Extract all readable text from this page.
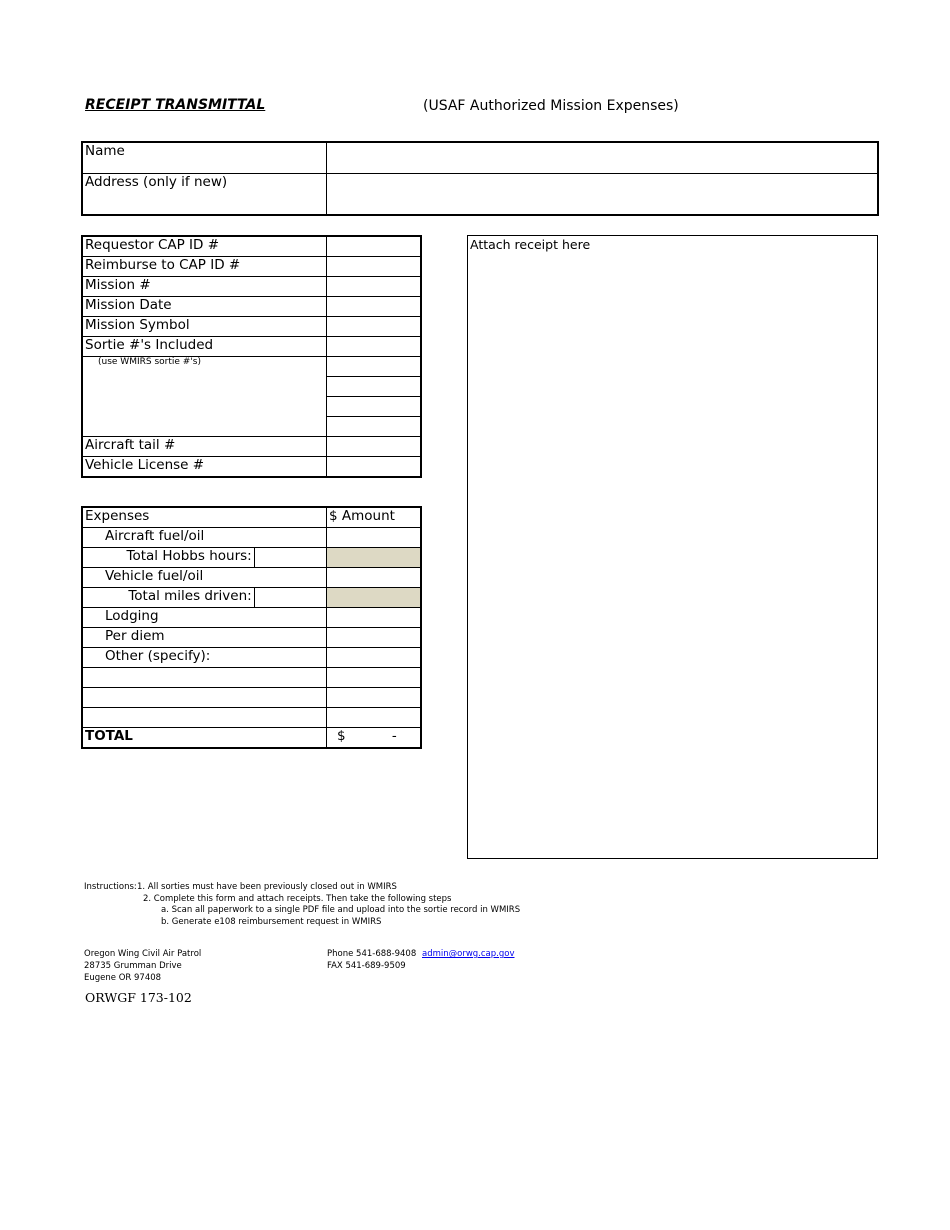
RECEIPT TRANSMITTAL	(USAF Authorized Mission Expenses)
Name	
Address (only if new)	
Requestor CAP ID #	
Reimburse to CAP ID #	
Mission #	
Mission Date	
Mission Symbol	
Sortie #'s Included	
(use WMIRS sortie #'s)	

Aircraft tail #	
Vehicle License #	
Expenses		$ Amount
Aircraft fuel/oil		
Total Hobbs hours:		
Vehicle fuel/oil		
Total miles driven:		
Lodging		
Per diem		
Other (specify):		

TOTAL		$ -
Attach receipt here
Instructions: 1. All sorties must have been previously closed out in WMIRS
2. Complete this form and attach receipts. Then take the following steps
a. Scan all paperwork to a single PDF file and upload into the sortie record in WMIRS
b. Generate e108 reimbursement request in WMIRS
Oregon Wing Civil Air Patrol
28735 Grumman Drive
Eugene OR 97408
Phone 541-688-9408
FAX 541-689-9509
admin@orwg.cap.gov
ORWGF 173-102
